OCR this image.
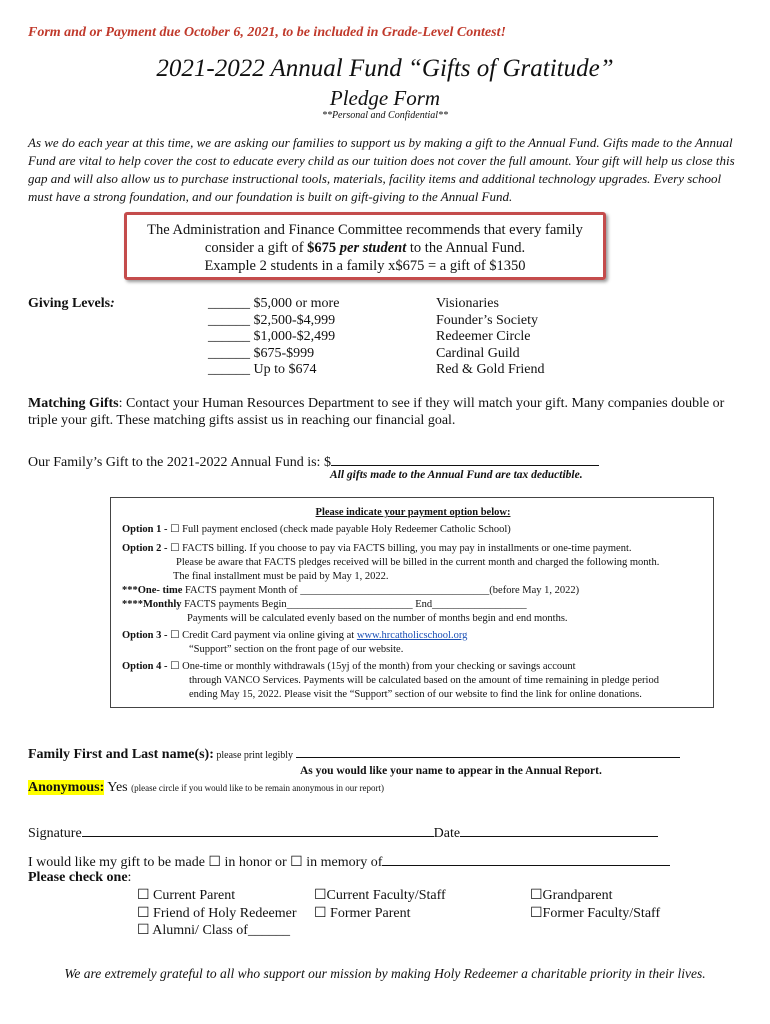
Form and or Payment due October 6, 2021, to be included in Grade-Level Contest!
2021-2022 Annual Fund “Gifts of Gratitude”
Pledge Form
**Personal and Confidential**
As we do each year at this time, we are asking our families to support us by making a gift to the Annual Fund. Gifts made to the Annual Fund are vital to help cover the cost to educate every child as our tuition does not cover the full amount. Your gift will help us close this gap and will also allow us to purchase instructional tools, materials, facility items and additional technology upgrades. Every school must have a strong foundation, and our foundation is built on gift-giving to the Annual Fund.
The Administration and Finance Committee recommends that every family
consider a gift of $675 per student to the Annual Fund.
Example 2 students in a family x$675 = a gift of $1350
Giving Levels:	______ $5,000 or more
______ $2,500-$4,999
______ $1,000-$2,499
______ $675-$999
______ Up to $674
Visionaries
Founder’s Society
Redeemer Circle
Cardinal Guild
Red & Gold Friend
Matching Gifts: Contact your Human Resources Department to see if they will match your gift. Many companies double or triple your gift. These matching gifts assist us in reaching our financial goal.
Our Family’s Gift to the 2021-2022 Annual Fund is: $
All gifts made to the Annual Fund are tax deductible.
Please indicate your payment option below:
Option 1 - ☐ Full payment enclosed (check made payable Holy Redeemer Catholic School)
Option 2 - ☐ FACTS billing. If you choose to pay via FACTS billing, you may pay in installments or one-time payment.
Please be aware that FACTS pledges received will be billed in the current month and charged the following month.
The final installment must be paid by May 1, 2022.
***One- time FACTS payment Month of ____________________________________(before May 1, 2022)
****Monthly FACTS payments Begin________________________ End__________________
Payments will be calculated evenly based on the number of months begin and end months.
Option 3 - ☐ Credit Card payment via online giving at www.hrcatholicschool.org
“Support” section on the front page of our website.
Option 4 - ☐ One-time or monthly withdrawals (15yj of the month) from your checking or savings account
through VANCO Services. Payments will be calculated based on the amount of time remaining in pledge period
ending May 15, 2022. Please visit the “Support” section of our website to find the link for online donations.
Family First and Last name(s): please print legibly
As you would like your name to appear in the Annual Report.
Anonymous: Yes (please circle if you would like to be remain anonymous in our report)
Signature	Date
I would like my gift to be made ☐ in honor or ☐ in memory of
Please check one:
☐ Current Parent
☐ Friend of Holy Redeemer
☐ Alumni/ Class of______
☐Current Faculty/Staff
☐ Former Parent
☐Grandparent
☐Former Faculty/Staff
We are extremely grateful to all who support our mission by making Holy Redeemer a charitable priority in their lives.
